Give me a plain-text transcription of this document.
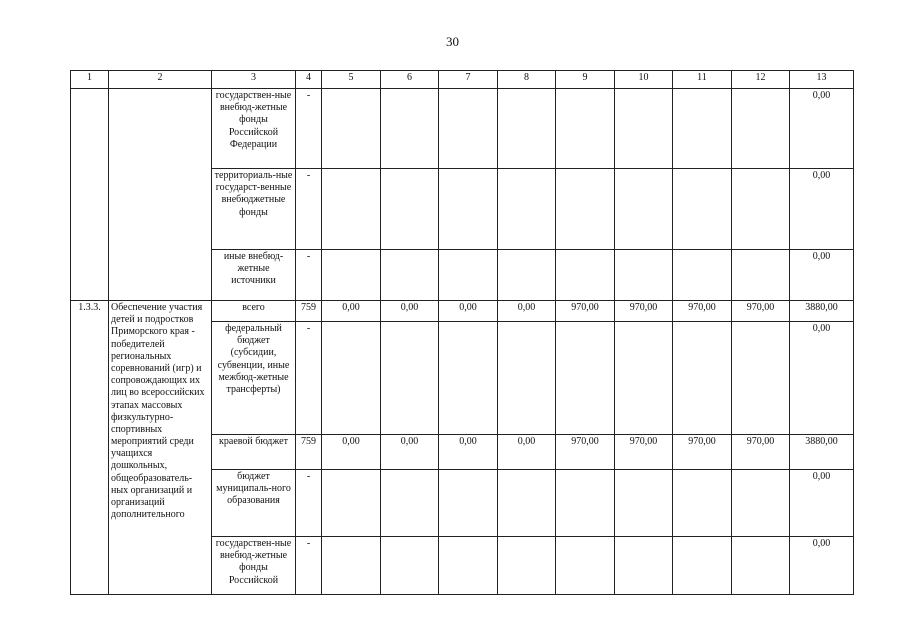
30
1	2	3	4	5	6	7	8	9	10	11	12	13
		государствен-ные внебюд-жетные фонды Российской Федерации	-									0,00
		территориаль-ные государст-венные внебюджетные фонды	-									0,00
		иные внебюд-жетные источники	-									0,00
1.3.3.	Обеспечение участия детей и подростков Приморского края - победителей региональных соревнований (игр) и сопровождающих их лиц во всероссийских этапах массовых физкультурно-спортивных мероприятий среди учащихся дошкольных, общеобразователь-ных организаций и организаций дополнительного	всего	759	0,00	0,00	0,00	0,00	970,00	970,00	970,00	970,00	3880,00
		федеральный бюджет (субсидии, субвенции, иные межбюд-жетные трансферты)	-									0,00
		краевой бюджет	759	0,00	0,00	0,00	0,00	970,00	970,00	970,00	970,00	3880,00
		бюджет муниципаль-ного образования	-									0,00
		государствен-ные внебюд-жетные фонды Российской	-									0,00
